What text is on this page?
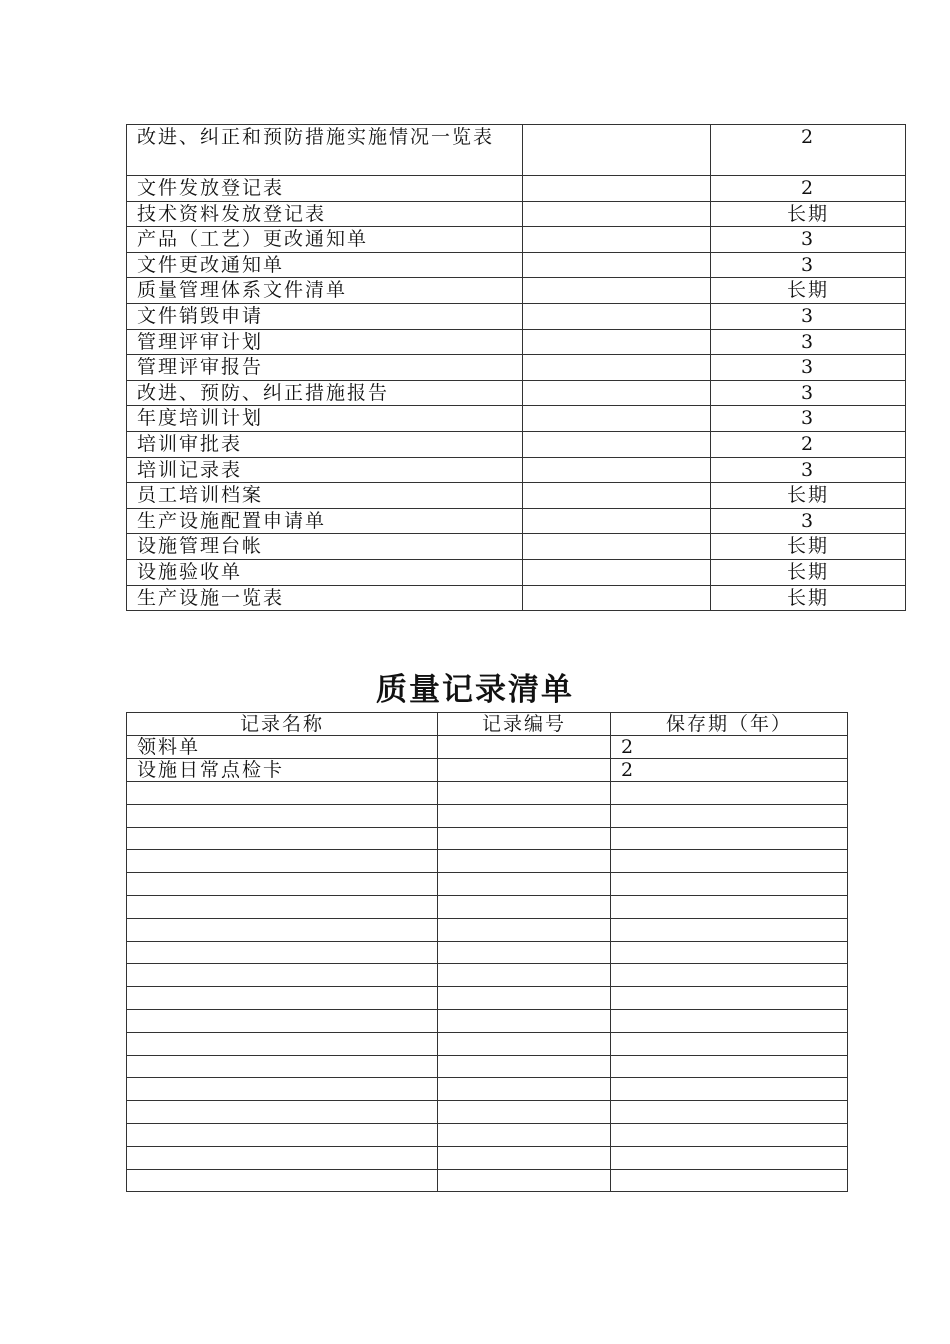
改进、纠正和预防措施实施情况一览表		2
文件发放登记表		2
技术资料发放登记表		长期
产品（工艺）更改通知单		3
文件更改通知单		3
质量管理体系文件清单		长期
文件销毁申请		3
管理评审计划		3
管理评审报告		3
改进、预防、纠正措施报告		3
年度培训计划		3
培训审批表		2
培训记录表		3
员工培训档案		长期
生产设施配置申请单		3
设施管理台帐		长期
设施验收单		长期
生产设施一览表		长期
质量记录清单
记录名称	记录编号	保存期（年）
领料单		2
设施日常点检卡		2
